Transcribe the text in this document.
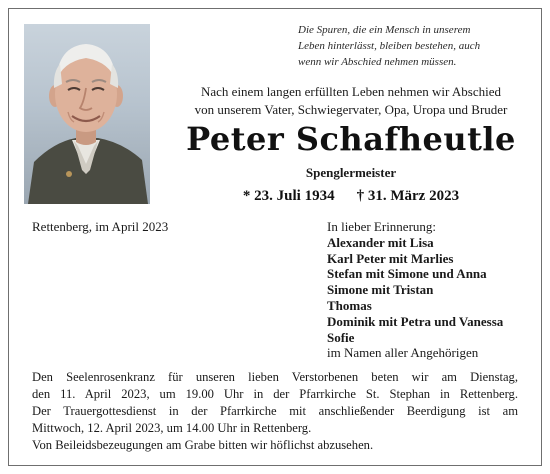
Die Spuren, die ein Mensch in unserem
Leben hinterlässt, bleiben bestehen, auch
wenn wir Abschied nehmen müssen.
Nach einem langen erfüllten Leben nehmen wir Abschied
von unserem Vater, Schwiegervater, Opa, Uropa und Bruder
Peter Schafheutle
Spenglermeister
* 23. Juli 1934 † 31. März 2023
Rettenberg, im April 2023	In lieber Erinnerung:
Alexander mit Lisa
Karl Peter mit Marlies
Stefan mit Simone und Anna
Simone mit Tristan
Thomas
Dominik mit Petra und Vanessa
Sofie
im Namen aller Angehörigen
Den Seelenrosenkranz für unseren lieben Verstorbenen beten wir am Dienstag,
den 11. April 2023, um 19.00 Uhr in der Pfarrkirche St. Stephan in Rettenberg.
Der Trauergottesdienst in der Pfarrkirche mit anschließender Beerdigung ist am
Mittwoch, 12. April 2023, um 14.00 Uhr in Rettenberg.
Von Beileidsbezeugungen am Grabe bitten wir höflichst abzusehen.
